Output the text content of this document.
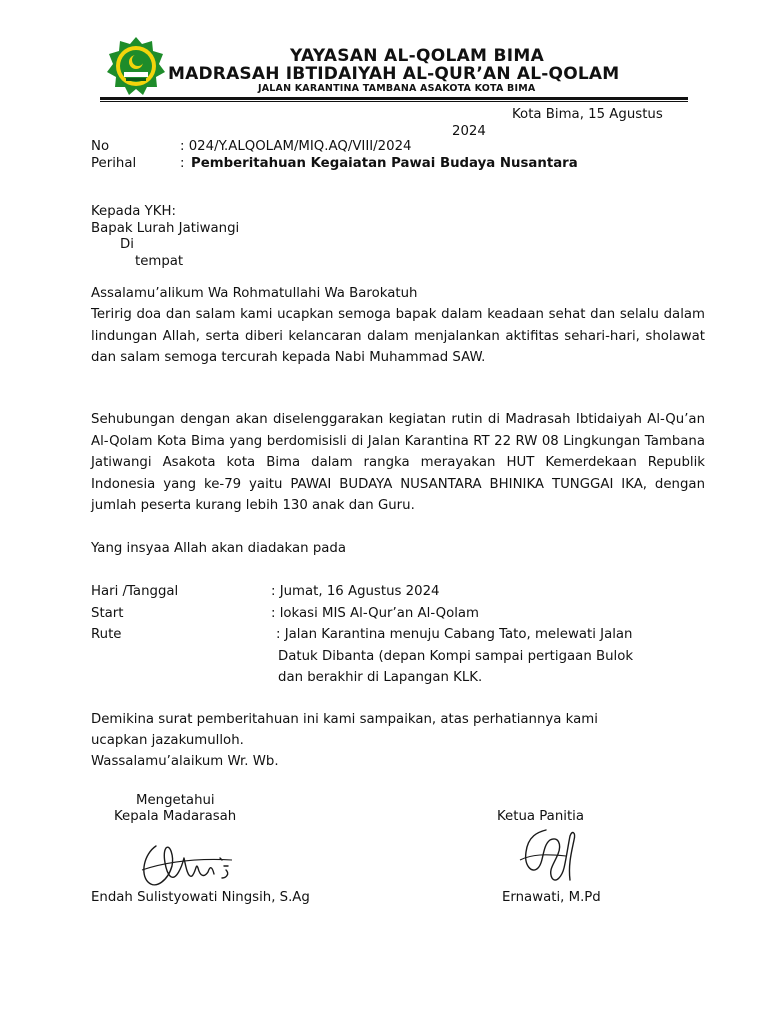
YAYASAN AL-QOLAM BIMA
MADRASAH IBTIDAIYAH AL-QUR’AN AL-QOLAM
JALAN KARANTINA TAMBANA ASAKOTA KOTA BIMA
Kota Bima, 15 Agustus
2024
No	: 024/Y.ALQOLAM/MIQ.AQ/VIII/2024
Perihal	: Pemberitahuan Kegaiatan Pawai Budaya Nusantara
Kepada YKH:
Bapak Lurah Jatiwangi
Di
tempat
Assalamu’alikum Wa Rohmatullahi Wa Barokatuh
Teririg doa dan salam kami ucapkan semoga bapak dalam keadaan sehat dan selalu dalam lindungan Allah, serta diberi kelancaran dalam menjalankan aktifitas sehari-hari, sholawat dan salam semoga tercurah kepada Nabi Muhammad SAW.
Sehubungan dengan akan diselenggarakan kegiatan rutin di Madrasah Ibtidaiyah Al-Qu’an Al-Qolam Kota Bima yang berdomisisli di Jalan Karantina RT 22 RW 08 Lingkungan Tambana Jatiwangi Asakota kota Bima dalam rangka merayakan HUT Kemerdekaan Republik Indonesia yang ke-79 yaitu PAWAI BUDAYA NUSANTARA BHINIKA TUNGGAI IKA, dengan jumlah peserta kurang lebih 130 anak dan Guru.
Yang insyaa Allah akan diadakan pada
Hari /Tanggal	: Jumat, 16 Agustus 2024
Start	: lokasi MIS Al-Qur’an Al-Qolam
Rute	: Jalan Karantina menuju Cabang Tato, melewati Jalan
Datuk Dibanta (depan Kompi sampai pertigaan Bulok
dan berakhir di Lapangan KLK.
Demikina surat pemberitahuan ini kami sampaikan, atas perhatiannya kami
ucapkan jazakumulloh.
Wassalamu’alaikum Wr. Wb.
Mengetahui
Kepala Madarasah	Ketua Panitia
Endah Sulistyowati Ningsih, S.Ag	Ernawati, M.Pd
